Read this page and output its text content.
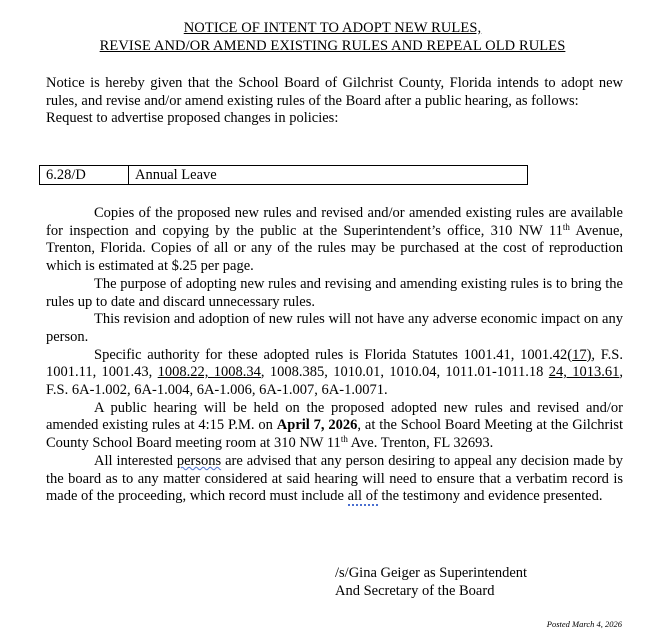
NOTICE OF INTENT TO ADOPT NEW RULES,
REVISE AND/OR AMEND EXISTING RULES AND REPEAL OLD RULES
Notice is hereby given that the School Board of Gilchrist County, Florida intends to adopt new rules, and revise and/or amend existing rules of the Board after a public hearing, as follows:
Request to advertise proposed changes in policies:
6.28/D	Annual Leave

Copies of the proposed new rules and revised and/or amended existing rules are available for inspection and copying by the public at the Superintendent’s office, 310 NW 11th Avenue, Trenton, Florida. Copies of all or any of the rules may be purchased at the cost of reproduction which is estimated at $.25 per page.

The purpose of adopting new rules and revising and amending existing rules is to bring the rules up to date and discard unnecessary rules.

This revision and adoption of new rules will not have any adverse economic impact on any person.

Specific authority for these adopted rules is Florida Statutes 1001.41, 1001.42(17), F.S. 1001.11, 1001.43, 1008.22, 1008.34, 1008.385, 1010.01, 1010.04, 1011.01-1011.18 24, 1013.61, F.S. 6A-1.002, 6A-1.004, 6A-1.006, 6A-1.007, 6A-1.0071.

A public hearing will be held on the proposed adopted new rules and revised and/or amended existing rules at 4:15 P.M. on April 7, 2026, at the School Board Meeting at the Gilchrist County School Board meeting room at 310 NW 11th Ave. Trenton, FL 32693.

All interested persons are advised that any person desiring to appeal any decision made by the board as to any matter considered at said hearing will need to ensure that a verbatim record is made of the proceeding, which record must include all of the testimony and evidence presented.

/s/Gina Geiger as Superintendent
And Secretary of the Board
Posted March 4, 2026
